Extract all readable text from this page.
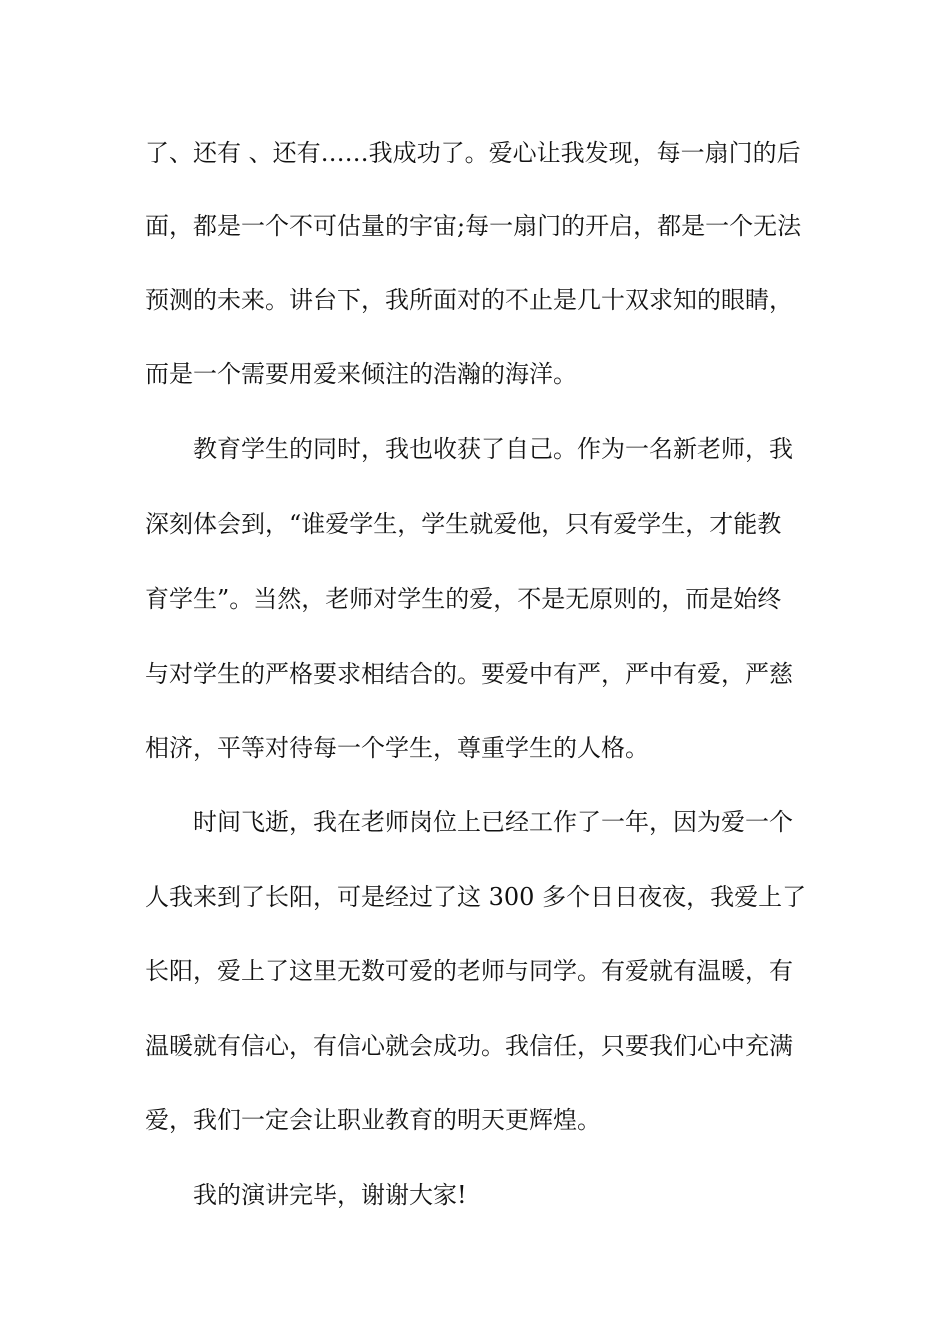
了、还有 、还有……我成功了。爱心让我发现，每一扇门的后
面，都是一个不可估量的宇宙;每一扇门的开启，都是一个无法
预测的未来。讲台下，我所面对的不止是几十双求知的眼睛，
而是一个需要用爱来倾注的浩瀚的海洋。
教育学生的同时，我也收获了自己。作为一名新老师，我
深刻体会到，“谁爱学生，学生就爱他，只有爱学生，才能教
育学生”。当然，老师对学生的爱，不是无原则的，而是始终
与对学生的严格要求相结合的。要爱中有严，严中有爱，严慈
相济，平等对待每一个学生，尊重学生的人格。
时间飞逝，我在老师岗位上已经工作了一年，因为爱一个
人我来到了长阳，可是经过了这 300 多个日日夜夜，我爱上了
长阳，爱上了这里无数可爱的老师与同学。有爱就有温暖，有
温暖就有信心，有信心就会成功。我信任，只要我们心中充满
爱，我们一定会让职业教育的明天更辉煌。
我的演讲完毕，谢谢大家!
